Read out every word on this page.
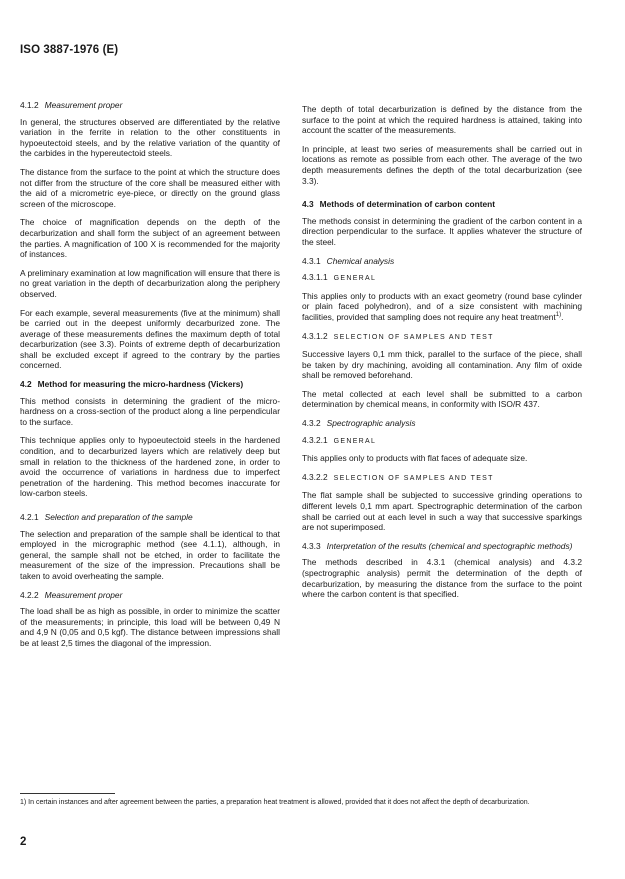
ISO 3887-1976 (E)
4.1.2 Measurement proper

In general, the structures observed are differentiated by the relative variation in the ferrite in relation to the other constituents in hypoeutectoid steels, and by the relative variation of the quantity of the carbides in the hypereutectoid steels.

The distance from the surface to the point at which the structure does not differ from the structure of the core shall be measured either with the aid of a micrometric eye-piece, or directly on the ground glass screen of the microscope.

The choice of magnification depends on the depth of the decarburization and shall form the subject of an agreement between the parties. A magnification of 100 X is recommended for the majority of instances.

A preliminary examination at low magnification will ensure that there is no great variation in the depth of decarburization along the periphery observed.

For each example, several measurements (five at the minimum) shall be carried out in the deepest uniformly decarburized zone. The average of these measurements defines the maximum depth of total decarburization (see 3.3). Points of extreme depth of decarburization shall be excluded except if agreed to the contrary by the parties concerned.

4.2 Method for measuring the micro-hardness (Vickers)

This method consists in determining the gradient of the micro-hardness on a cross-section of the product along a line perpendicular to the surface.

This technique applies only to hypoeutectoid steels in the hardened condition, and to decarburized layers which are relatively deep but small in relation to the thickness of the hardened zone, in order to avoid the occurrence of variations in hardness due to imperfect penetration of the hardening. This method becomes inaccurate for low-carbon steels.

4.2.1 Selection and preparation of the sample

The selection and preparation of the sample shall be identical to that employed in the micrographic method (see 4.1.1), although, in general, the sample shall not be etched, in order to facilitate the measurement of the size of the impression. Precautions shall be taken to avoid overheating the sample.

4.2.2 Measurement proper

The load shall be as high as possible, in order to minimize the scatter of the measurements; in principle, this load will be between 0,49 N and 4,9 N (0,05 and 0,5 kgf). The distance between impressions shall be at least 2,5 times the diagonal of the impression.

The depth of total decarburization is defined by the distance from the surface to the point at which the required hardness is attained, taking into account the scatter of the measurements.

In principle, at least two series of measurements shall be carried out in locations as remote as possible from each other. The average of the two depth measurements defines the depth of the total decarburization (see 3.3).

4.3 Methods of determination of carbon content

The methods consist in determining the gradient of the carbon content in a direction perpendicular to the surface. It applies whatever the structure of the steel.

4.3.1 Chemical analysis
4.3.1.1 GENERAL

This applies only to products with an exact geometry (round base cylinder or plain faced polyhedron), and of a size consistent with machining facilities, provided that sampling does not require any heat treatment$^{1)}$.

4.3.1.2 SELECTION OF SAMPLES AND TEST

Successive layers 0,1 mm thick, parallel to the surface of the piece, shall be taken by dry machining, avoiding all contamination. Any film of oxide shall be removed beforehand.

The metal collected at each level shall be submitted to a carbon determination by chemical means, in conformity with ISO/R 437.

4.3.2 Spectrographic analysis
4.3.2.1 GENERAL

This applies only to products with flat faces of adequate size.

4.3.2.2 SELECTION OF SAMPLES AND TEST

The flat sample shall be subjected to successive grinding operations to different levels 0,1 mm apart. Spectrographic determination of the carbon shall be carried out at each level in such a way that successive sparkings are not superimposed.

4.3.3 Interpretation of the results (chemical and spectographic methods)

The methods described in 4.3.1 (chemical analysis) and 4.3.2 (spectrographic analysis) permit the determination of the depth of decarburization, by measuring the distance from the surface to the point where the carbon content is that specified.

1) In certain instances and after agreement between the parties, a preparation heat treatment is allowed, provided that it does not affect the depth of decarburization.
2
